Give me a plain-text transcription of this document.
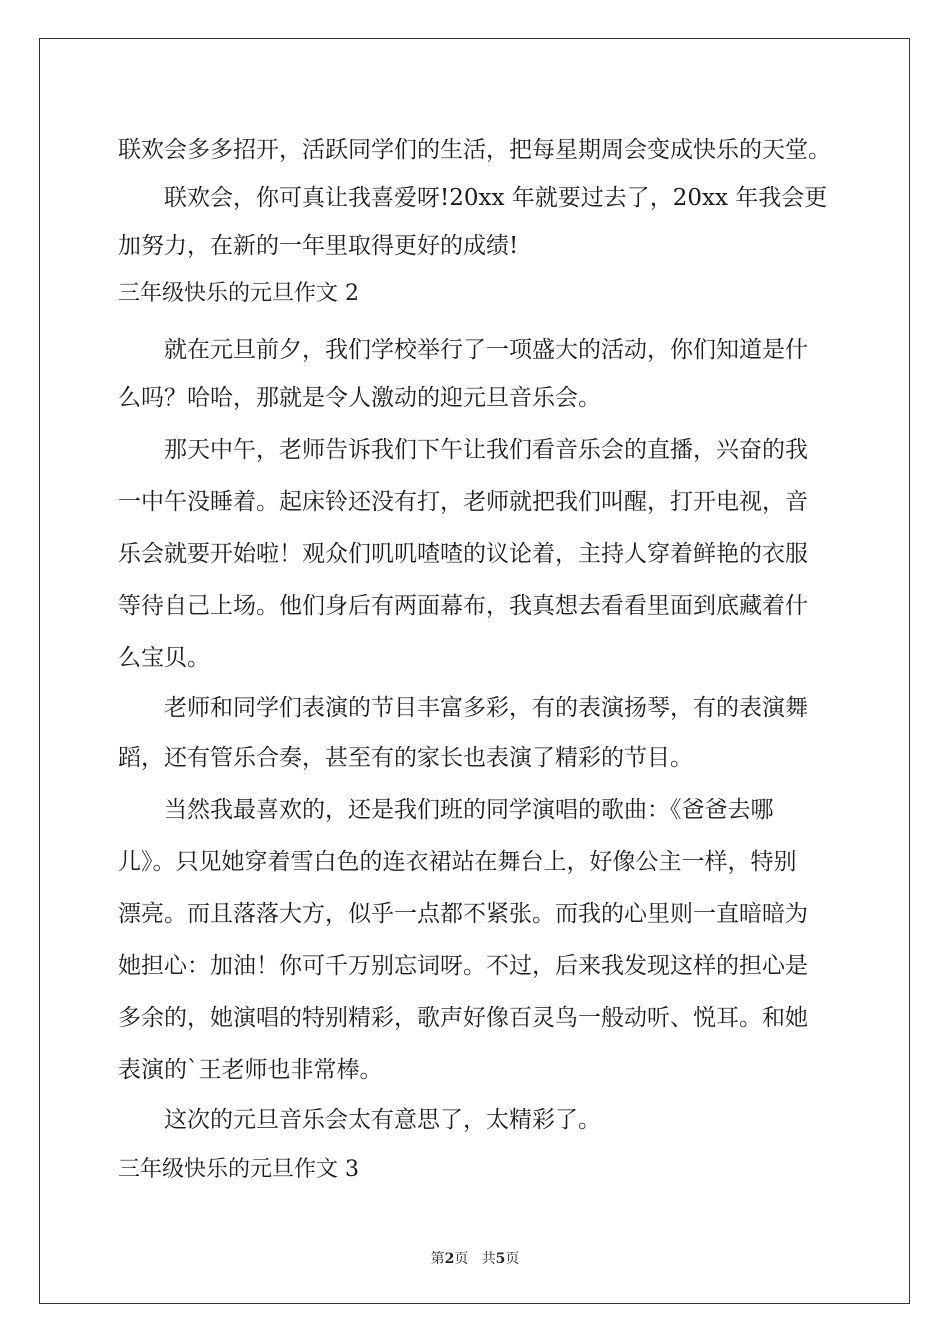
联欢会多多招开，活跃同学们的生活，把每星期周会变成快乐的天堂。
联欢会，你可真让我喜爱呀!20xx 年就要过去了，20xx 年我会更
加努力，在新的一年里取得更好的成绩!
三年级快乐的元旦作文 2
就在元旦前夕，我们学校举行了一项盛大的活动，你们知道是什
么吗？哈哈，那就是令人激动的迎元旦音乐会。
那天中午，老师告诉我们下午让我们看音乐会的直播，兴奋的我
一中午没睡着。起床铃还没有打，老师就把我们叫醒，打开电视，音
乐会就要开始啦！观众们叽叽喳喳的议论着，主持人穿着鲜艳的衣服
等待自己上场。他们身后有两面幕布，我真想去看看里面到底藏着什
么宝贝。
老师和同学们表演的节目丰富多彩，有的表演扬琴，有的表演舞
蹈，还有管乐合奏，甚至有的家长也表演了精彩的节目。
当然我最喜欢的，还是我们班的同学演唱的歌曲：《爸爸去哪
儿》。只见她穿着雪白色的连衣裙站在舞台上，好像公主一样，特别
漂亮。而且落落大方，似乎一点都不紧张。而我的心里则一直暗暗为
她担心：加油！你可千万别忘词呀。不过，后来我发现这样的担心是
多余的，她演唱的特别精彩，歌声好像百灵鸟一般动听、悦耳。和她
表演的`王老师也非常棒。
这次的元旦音乐会太有意思了，太精彩了。
三年级快乐的元旦作文 3
第2页   共5页
